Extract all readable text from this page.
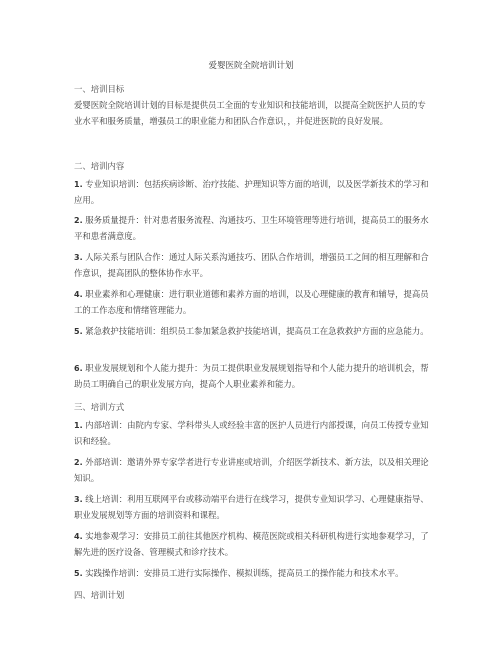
爱婴医院全院培训计划

一、培训目标

爱婴医院全院培训计划的目标是提供员工全面的专业知识和技能培训，以提高全院医护人员的专业水平和服务质量，增强员工的职业能力和团队合作意识，，并促进医院的良好发展。

二、培训内容

1. 专业知识培训：包括疾病诊断、治疗技能、护理知识等方面的培训，以及医学新技术的学习和应用。

2. 服务质量提升：针对患者服务流程、沟通技巧、卫生环境管理等进行培训，提高员工的服务水平和患者满意度。

3. 人际关系与团队合作：通过人际关系沟通技巧、团队合作培训，增强员工之间的相互理解和合作意识，提高团队的整体协作水平。

4. 职业素养和心理健康：进行职业道德和素养方面的培训，以及心理健康的教育和辅导，提高员工的工作态度和情绪管理能力。

5. 紧急救护技能培训：组织员工参加紧急救护技能培训，提高员工在急救救护方面的应急能力。

6. 职业发展规划和个人能力提升：为员工提供职业发展规划指导和个人能力提升的培训机会，帮助员工明确自己的职业发展方向，提高个人职业素养和能力。

三、培训方式

1. 内部培训：由院内专家、学科带头人或经验丰富的医护人员进行内部授课，向员工传授专业知识和经验。

2. 外部培训：邀请外界专家学者进行专业讲座或培训，介绍医学新技术、新方法，以及相关理论知识。

3. 线上培训：利用互联网平台或移动端平台进行在线学习，提供专业知识学习、心理健康指导、职业发展规划等方面的培训资料和课程。

4. 实地参观学习：安排员工前往其他医疗机构、模范医院或相关科研机构进行实地参观学习，了解先进的医疗设备、管理模式和诊疗技术。

5. 实践操作培训：安排员工进行实际操作、模拟训练，提高员工的操作能力和技术水平。

四、培训计划
